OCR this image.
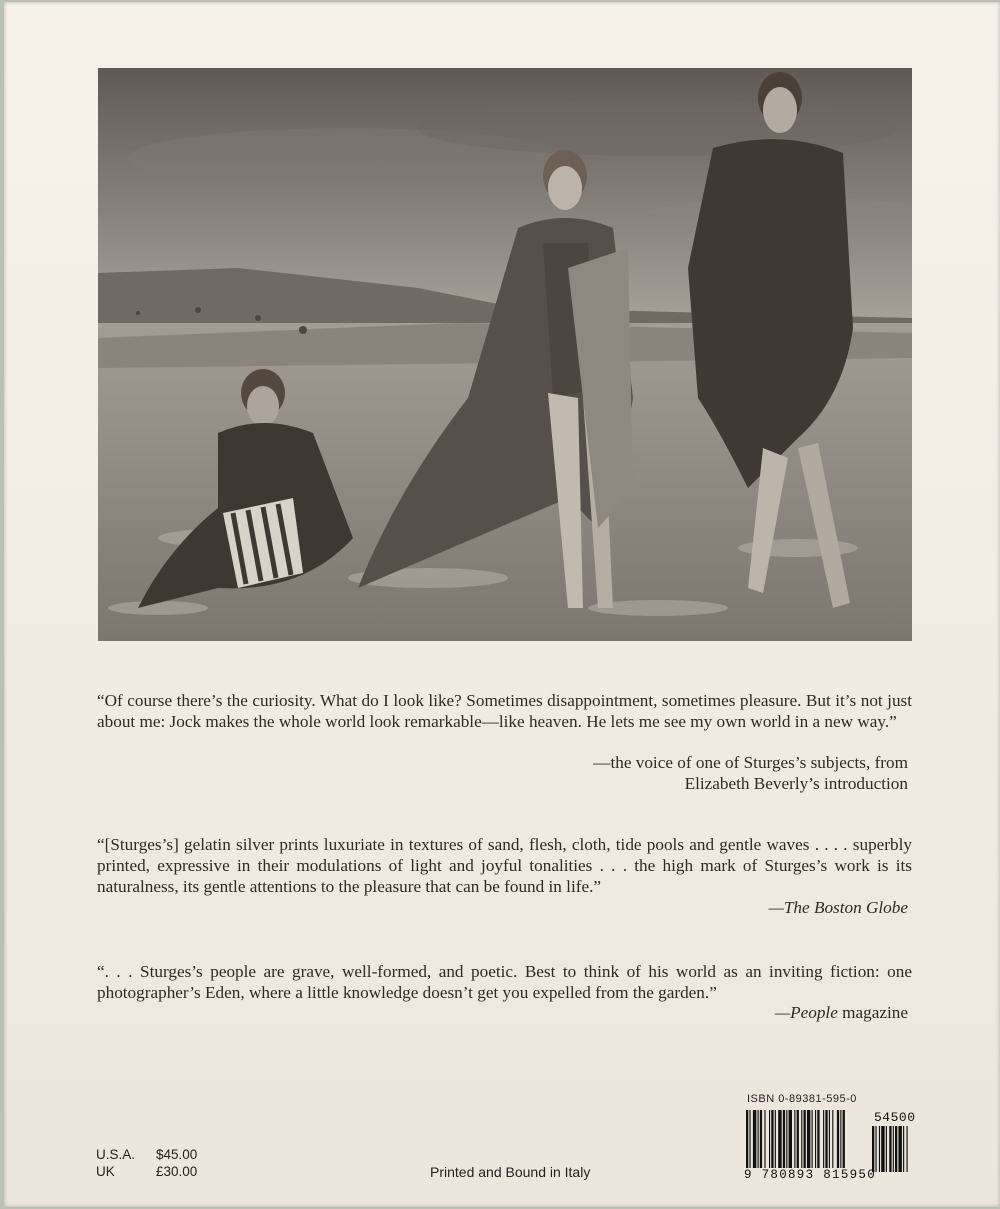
“Of course there’s the curiosity. What do I look like? Sometimes disappointment, sometimes pleasure. But it’s not just about me: Jock makes the whole world look remarkable—like heaven. He lets me see my own world in a new way.”
—the voice of one of Sturges’s subjects, from
Elizabeth Beverly’s introduction
“[Sturges’s] gelatin silver prints luxuriate in textures of sand, flesh, cloth, tide pools and gentle waves . . . . superbly printed, expressive in their modulations of light and joyful tonalities . . . the high mark of Sturges’s work is its naturalness, its gentle attentions to the pleasure that can be found in life.”
—The Boston Globe
“. . . Sturges’s people are grave, well-formed, and poetic. Best to think of his world as an inviting fiction: one photographer’s Eden, where a little knowledge doesn’t get you expelled from the garden.”
—People magazine
U.S.A.	$45.00
UK	£30.00	Printed and Bound in Italy
ISBN 0-89381-595-0
54500
9 780893 815950
